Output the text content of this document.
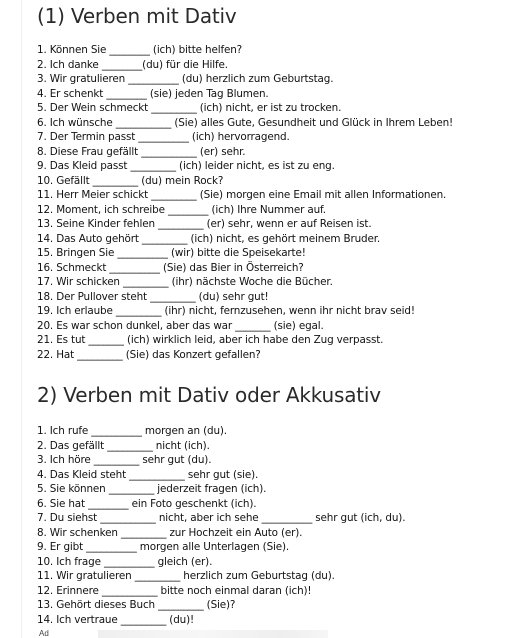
(1) Verben mit Dativ
1. Können Sie ________ (ich) bitte helfen?
2. Ich danke ________(du) für die Hilfe.
3. Wir gratulieren __________ (du) herzlich zum Geburtstag.
4. Er schenkt ________ (sie) jeden Tag Blumen.
5. Der Wein schmeckt _________ (ich) nicht, er ist zu trocken.
6. Ich wünsche ___________ (Sie) alles Gute, Gesundheit und Glück in Ihrem Leben!
7. Der Termin passt __________ (ich) hervorragend.
8. Diese Frau gefällt ___________ (er) sehr.
9. Das Kleid passt _________ (ich) leider nicht, es ist zu eng.
10. Gefällt _________ (du) mein Rock?
11. Herr Meier schickt _________ (Sie) morgen eine Email mit allen Informationen.
12. Moment, ich schreibe ________ (ich) Ihre Nummer auf.
13. Seine Kinder fehlen _________ (er) sehr, wenn er auf Reisen ist.
14. Das Auto gehört _________ (ich) nicht, es gehört meinem Bruder.
15. Bringen Sie __________ (wir) bitte die Speisekarte!
16. Schmeckt __________ (Sie) das Bier in Österreich?
17. Wir schicken _________ (ihr) nächste Woche die Bücher.
18. Der Pullover steht _________ (du) sehr gut!
19. Ich erlaube _________ (ihr) nicht, fernzusehen, wenn ihr nicht brav seid!
20. Es war schon dunkel, aber das war _______ (sie) egal.
21. Es tut _______ (ich) wirklich leid, aber ich habe den Zug verpasst.
22. Hat _________ (Sie) das Konzert gefallen?
2) Verben mit Dativ oder Akkusativ
1. Ich rufe __________ morgen an (du).
2. Das gefällt _________ nicht (ich).
3. Ich höre _________ sehr gut (du).
4. Das Kleid steht ___________ sehr gut (sie).
5. Sie können _________ jederzeit fragen (ich).
6. Sie hat ________ ein Foto geschenkt (ich).
7. Du siehst ___________ nicht, aber ich sehe __________ sehr gut (ich, du).
8. Wir schenken _________ zur Hochzeit ein Auto (er).
9. Er gibt __________ morgen alle Unterlagen (Sie).
10. Ich frage __________ gleich (er).
11. Wir gratulieren _________ herzlich zum Geburtstag (du).
12. Erinnere ___________ bitte noch einmal daran (ich)!
13. Gehört dieses Buch _________ (Sie)?
14. Ich vertraue _________ (du)!
Ad
